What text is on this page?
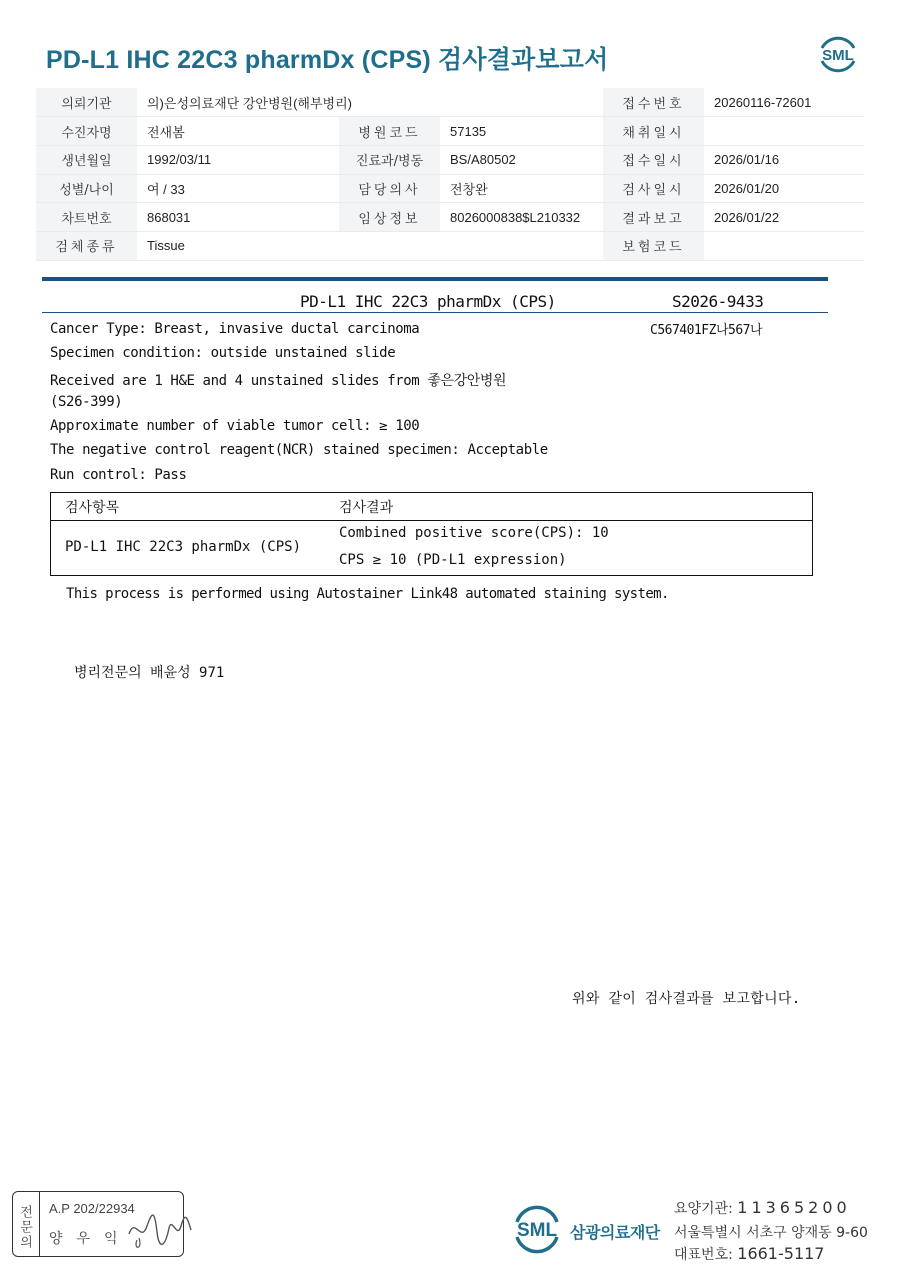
PD-L1 IHC 22C3 pharmDx (CPS) 검사결과보고서	SML
의뢰기관	의)은성의료재단 강안병원(해부병리)			접수번호	20260116-72601
수진자명	전새봄	병원코드	57135	채취일시	
생년월일	1992/03/11	진료과/병동	BS/A80502	접수일시	2026/01/16
성별/나이	여 / 33	담당의사	전창완	검사일시	2026/01/20
차트번호	868031	임상정보	8026000838$L210332	결과보고	2026/01/22
검체종류	Tissue			보험코드	
PD-L1 IHC 22C3 pharmDx (CPS)	S2026-9433
C567401FZ나567나
Cancer Type: Breast, invasive ductal carcinoma
Specimen condition: outside unstained slide
Received are 1 H&E and 4 unstained slides from 좋은강안병원
(S26-399)
Approximate number of viable tumor cell: ≥ 100
The negative control reagent(NCR) stained specimen: Acceptable
Run control: Pass
검사항목	검사결과
PD-L1 IHC 22C3 pharmDx (CPS)
Combined positive score(CPS): 10
CPS ≥ 10 (PD-L1 expression)
This process is performed using Autostainer Link48 automated staining system.
병리전문의 배윤성 971
위와 같이 검사결과를 보고합니다.
전문의	A.P 202/22934
양우익	SML 삼광의료재단
요양기관: 11365200
서울특별시 서초구 양재동 9-60
대표번호: 1661-5117
